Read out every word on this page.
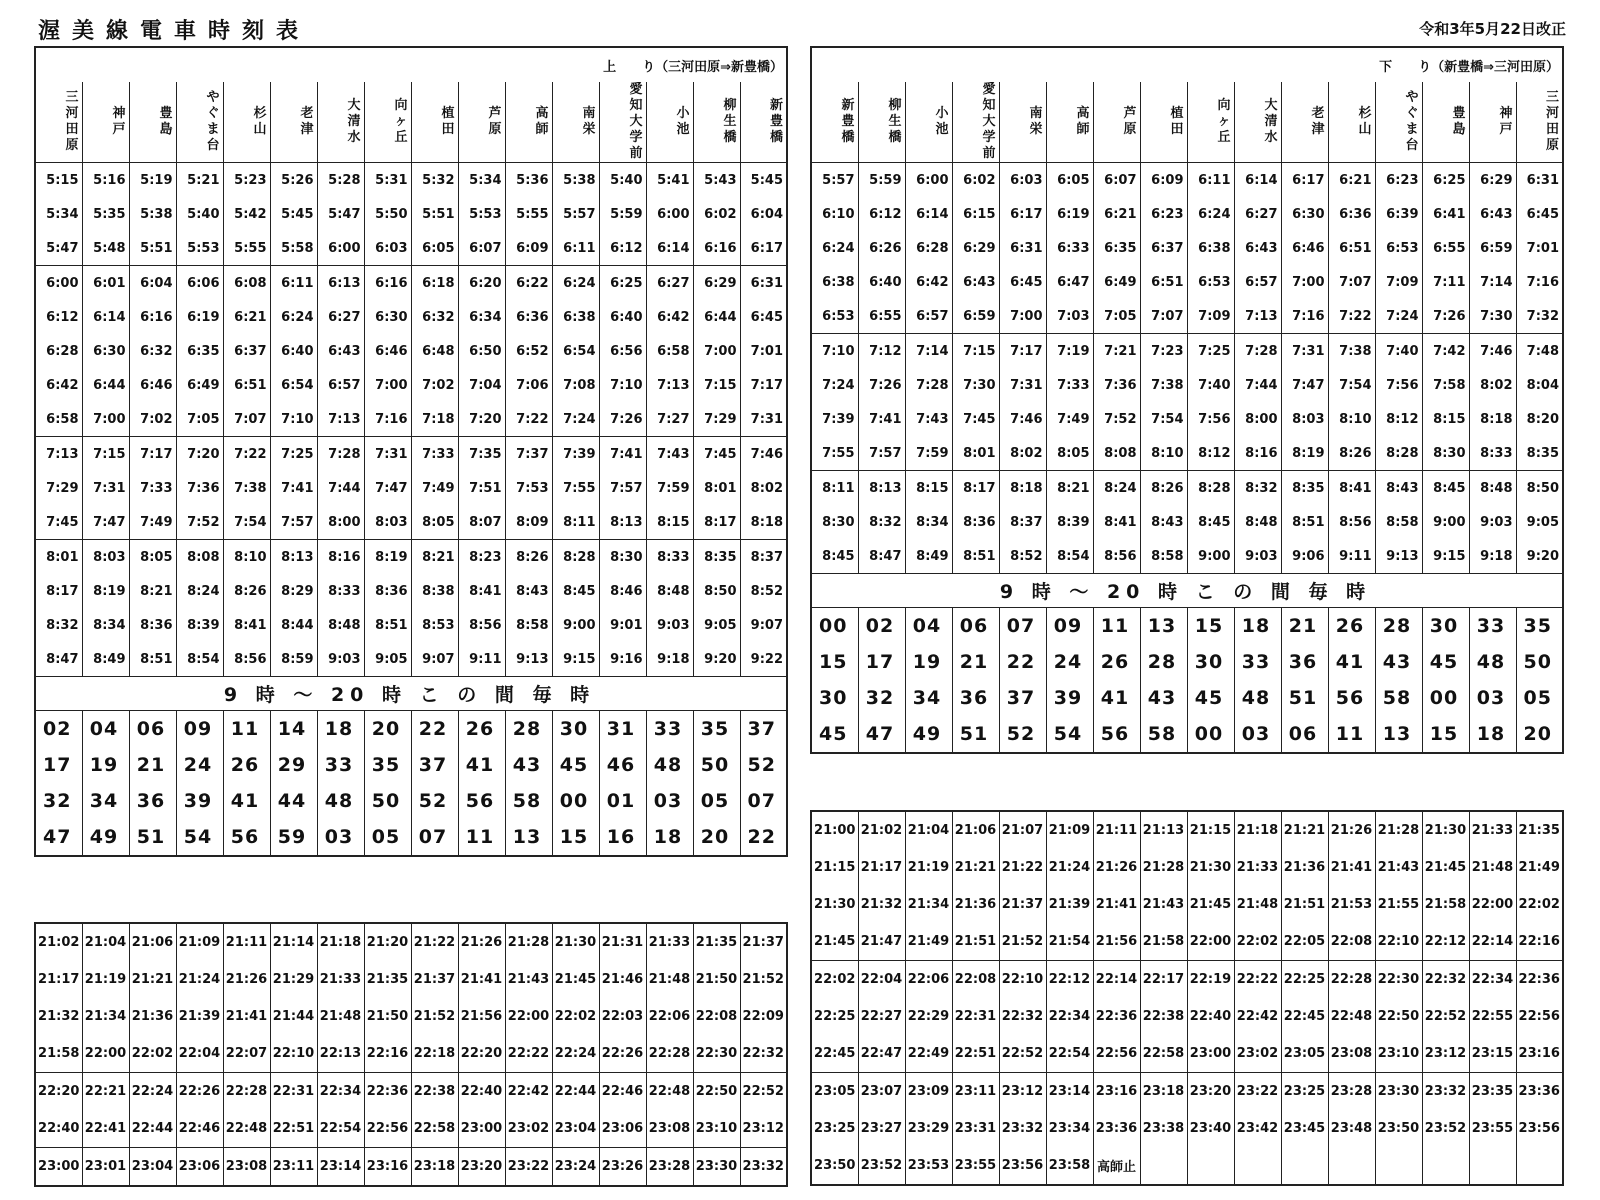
渥美線電車時刻表	令和3年5月22日改正
上　　り（三河田原⇒新豊橋）															
三河田原	神戸	豊島	やぐま台	杉山	老津	大清水	向ヶ丘	植田	芦原	高師	南栄	愛知大学前	小池	柳生橋	新豊橋
5:15	5:16	5:19	5:21	5:23	5:26	5:28	5:31	5:32	5:34	5:36	5:38	5:40	5:41	5:43	5:45
5:34	5:35	5:38	5:40	5:42	5:45	5:47	5:50	5:51	5:53	5:55	5:57	5:59	6:00	6:02	6:04
5:47	5:48	5:51	5:53	5:55	5:58	6:00	6:03	6:05	6:07	6:09	6:11	6:12	6:14	6:16	6:17
6:00	6:01	6:04	6:06	6:08	6:11	6:13	6:16	6:18	6:20	6:22	6:24	6:25	6:27	6:29	6:31
6:12	6:14	6:16	6:19	6:21	6:24	6:27	6:30	6:32	6:34	6:36	6:38	6:40	6:42	6:44	6:45
6:28	6:30	6:32	6:35	6:37	6:40	6:43	6:46	6:48	6:50	6:52	6:54	6:56	6:58	7:00	7:01
6:42	6:44	6:46	6:49	6:51	6:54	6:57	7:00	7:02	7:04	7:06	7:08	7:10	7:13	7:15	7:17
6:58	7:00	7:02	7:05	7:07	7:10	7:13	7:16	7:18	7:20	7:22	7:24	7:26	7:27	7:29	7:31
7:13	7:15	7:17	7:20	7:22	7:25	7:28	7:31	7:33	7:35	7:37	7:39	7:41	7:43	7:45	7:46
7:29	7:31	7:33	7:36	7:38	7:41	7:44	7:47	7:49	7:51	7:53	7:55	7:57	7:59	8:01	8:02
7:45	7:47	7:49	7:52	7:54	7:57	8:00	8:03	8:05	8:07	8:09	8:11	8:13	8:15	8:17	8:18
8:01	8:03	8:05	8:08	8:10	8:13	8:16	8:19	8:21	8:23	8:26	8:28	8:30	8:33	8:35	8:37
8:17	8:19	8:21	8:24	8:26	8:29	8:33	8:36	8:38	8:41	8:43	8:45	8:46	8:48	8:50	8:52
8:32	8:34	8:36	8:39	8:41	8:44	8:48	8:51	8:53	8:56	8:58	9:00	9:01	9:03	9:05	9:07
8:47	8:49	8:51	8:54	8:56	8:59	9:03	9:05	9:07	9:11	9:13	9:15	9:16	9:18	9:20	9:22
9 時 ～ 20 時 こ の 間 毎 時															
02	04	06	09	11	14	18	20	22	26	28	30	31	33	35	37
17	19	21	24	26	29	33	35	37	41	43	45	46	48	50	52
32	34	36	39	41	44	48	50	52	56	58	00	01	03	05	07
47	49	51	54	56	59	03	05	07	11	13	15	16	18	20	22
21:02	21:04	21:06	21:09	21:11	21:14	21:18	21:20	21:22	21:26	21:28	21:30	21:31	21:33	21:35	21:37
21:17	21:19	21:21	21:24	21:26	21:29	21:33	21:35	21:37	21:41	21:43	21:45	21:46	21:48	21:50	21:52
21:32	21:34	21:36	21:39	21:41	21:44	21:48	21:50	21:52	21:56	22:00	22:02	22:03	22:06	22:08	22:09
21:58	22:00	22:02	22:04	22:07	22:10	22:13	22:16	22:18	22:20	22:22	22:24	22:26	22:28	22:30	22:32
22:20	22:21	22:24	22:26	22:28	22:31	22:34	22:36	22:38	22:40	22:42	22:44	22:46	22:48	22:50	22:52
22:40	22:41	22:44	22:46	22:48	22:51	22:54	22:56	22:58	23:00	23:02	23:04	23:06	23:08	23:10	23:12
23:00	23:01	23:04	23:06	23:08	23:11	23:14	23:16	23:18	23:20	23:22	23:24	23:26	23:28	23:30	23:32
下　　り（新豊橋⇒三河田原）															
新豊橋	柳生橋	小池	愛知大学前	南栄	高師	芦原	植田	向ヶ丘	大清水	老津	杉山	やぐま台	豊島	神戸	三河田原
5:57	5:59	6:00	6:02	6:03	6:05	6:07	6:09	6:11	6:14	6:17	6:21	6:23	6:25	6:29	6:31
6:10	6:12	6:14	6:15	6:17	6:19	6:21	6:23	6:24	6:27	6:30	6:36	6:39	6:41	6:43	6:45
6:24	6:26	6:28	6:29	6:31	6:33	6:35	6:37	6:38	6:43	6:46	6:51	6:53	6:55	6:59	7:01
6:38	6:40	6:42	6:43	6:45	6:47	6:49	6:51	6:53	6:57	7:00	7:07	7:09	7:11	7:14	7:16
6:53	6:55	6:57	6:59	7:00	7:03	7:05	7:07	7:09	7:13	7:16	7:22	7:24	7:26	7:30	7:32
7:10	7:12	7:14	7:15	7:17	7:19	7:21	7:23	7:25	7:28	7:31	7:38	7:40	7:42	7:46	7:48
7:24	7:26	7:28	7:30	7:31	7:33	7:36	7:38	7:40	7:44	7:47	7:54	7:56	7:58	8:02	8:04
7:39	7:41	7:43	7:45	7:46	7:49	7:52	7:54	7:56	8:00	8:03	8:10	8:12	8:15	8:18	8:20
7:55	7:57	7:59	8:01	8:02	8:05	8:08	8:10	8:12	8:16	8:19	8:26	8:28	8:30	8:33	8:35
8:11	8:13	8:15	8:17	8:18	8:21	8:24	8:26	8:28	8:32	8:35	8:41	8:43	8:45	8:48	8:50
8:30	8:32	8:34	8:36	8:37	8:39	8:41	8:43	8:45	8:48	8:51	8:56	8:58	9:00	9:03	9:05
8:45	8:47	8:49	8:51	8:52	8:54	8:56	8:58	9:00	9:03	9:06	9:11	9:13	9:15	9:18	9:20
9 時 ～ 20 時 こ の 間 毎 時															
00	02	04	06	07	09	11	13	15	18	21	26	28	30	33	35
15	17	19	21	22	24	26	28	30	33	36	41	43	45	48	50
30	32	34	36	37	39	41	43	45	48	51	56	58	00	03	05
45	47	49	51	52	54	56	58	00	03	06	11	13	15	18	20
21:00	21:02	21:04	21:06	21:07	21:09	21:11	21:13	21:15	21:18	21:21	21:26	21:28	21:30	21:33	21:35
21:15	21:17	21:19	21:21	21:22	21:24	21:26	21:28	21:30	21:33	21:36	21:41	21:43	21:45	21:48	21:49
21:30	21:32	21:34	21:36	21:37	21:39	21:41	21:43	21:45	21:48	21:51	21:53	21:55	21:58	22:00	22:02
21:45	21:47	21:49	21:51	21:52	21:54	21:56	21:58	22:00	22:02	22:05	22:08	22:10	22:12	22:14	22:16
22:02	22:04	22:06	22:08	22:10	22:12	22:14	22:17	22:19	22:22	22:25	22:28	22:30	22:32	22:34	22:36
22:25	22:27	22:29	22:31	22:32	22:34	22:36	22:38	22:40	22:42	22:45	22:48	22:50	22:52	22:55	22:56
22:45	22:47	22:49	22:51	22:52	22:54	22:56	22:58	23:00	23:02	23:05	23:08	23:10	23:12	23:15	23:16
23:05	23:07	23:09	23:11	23:12	23:14	23:16	23:18	23:20	23:22	23:25	23:28	23:30	23:32	23:35	23:36
23:25	23:27	23:29	23:31	23:32	23:34	23:36	23:38	23:40	23:42	23:45	23:48	23:50	23:52	23:55	23:56
23:50	23:52	23:53	23:55	23:56	23:58	高師止									
